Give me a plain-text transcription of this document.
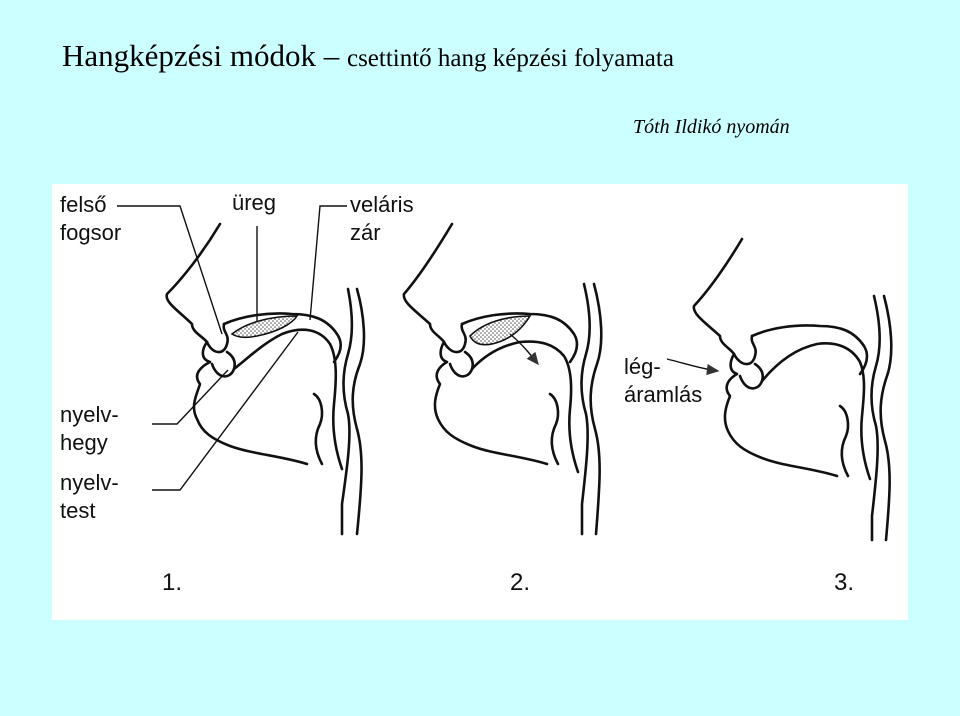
Hangképzési módok – csettintő hang képzési folyamata
Tóth Ildikó nyomán
felső
fogsor
üreg	veláris
zár
nyelv-
hegy
nyelv-
test
lég-
áramlás
1.	2.	3.
